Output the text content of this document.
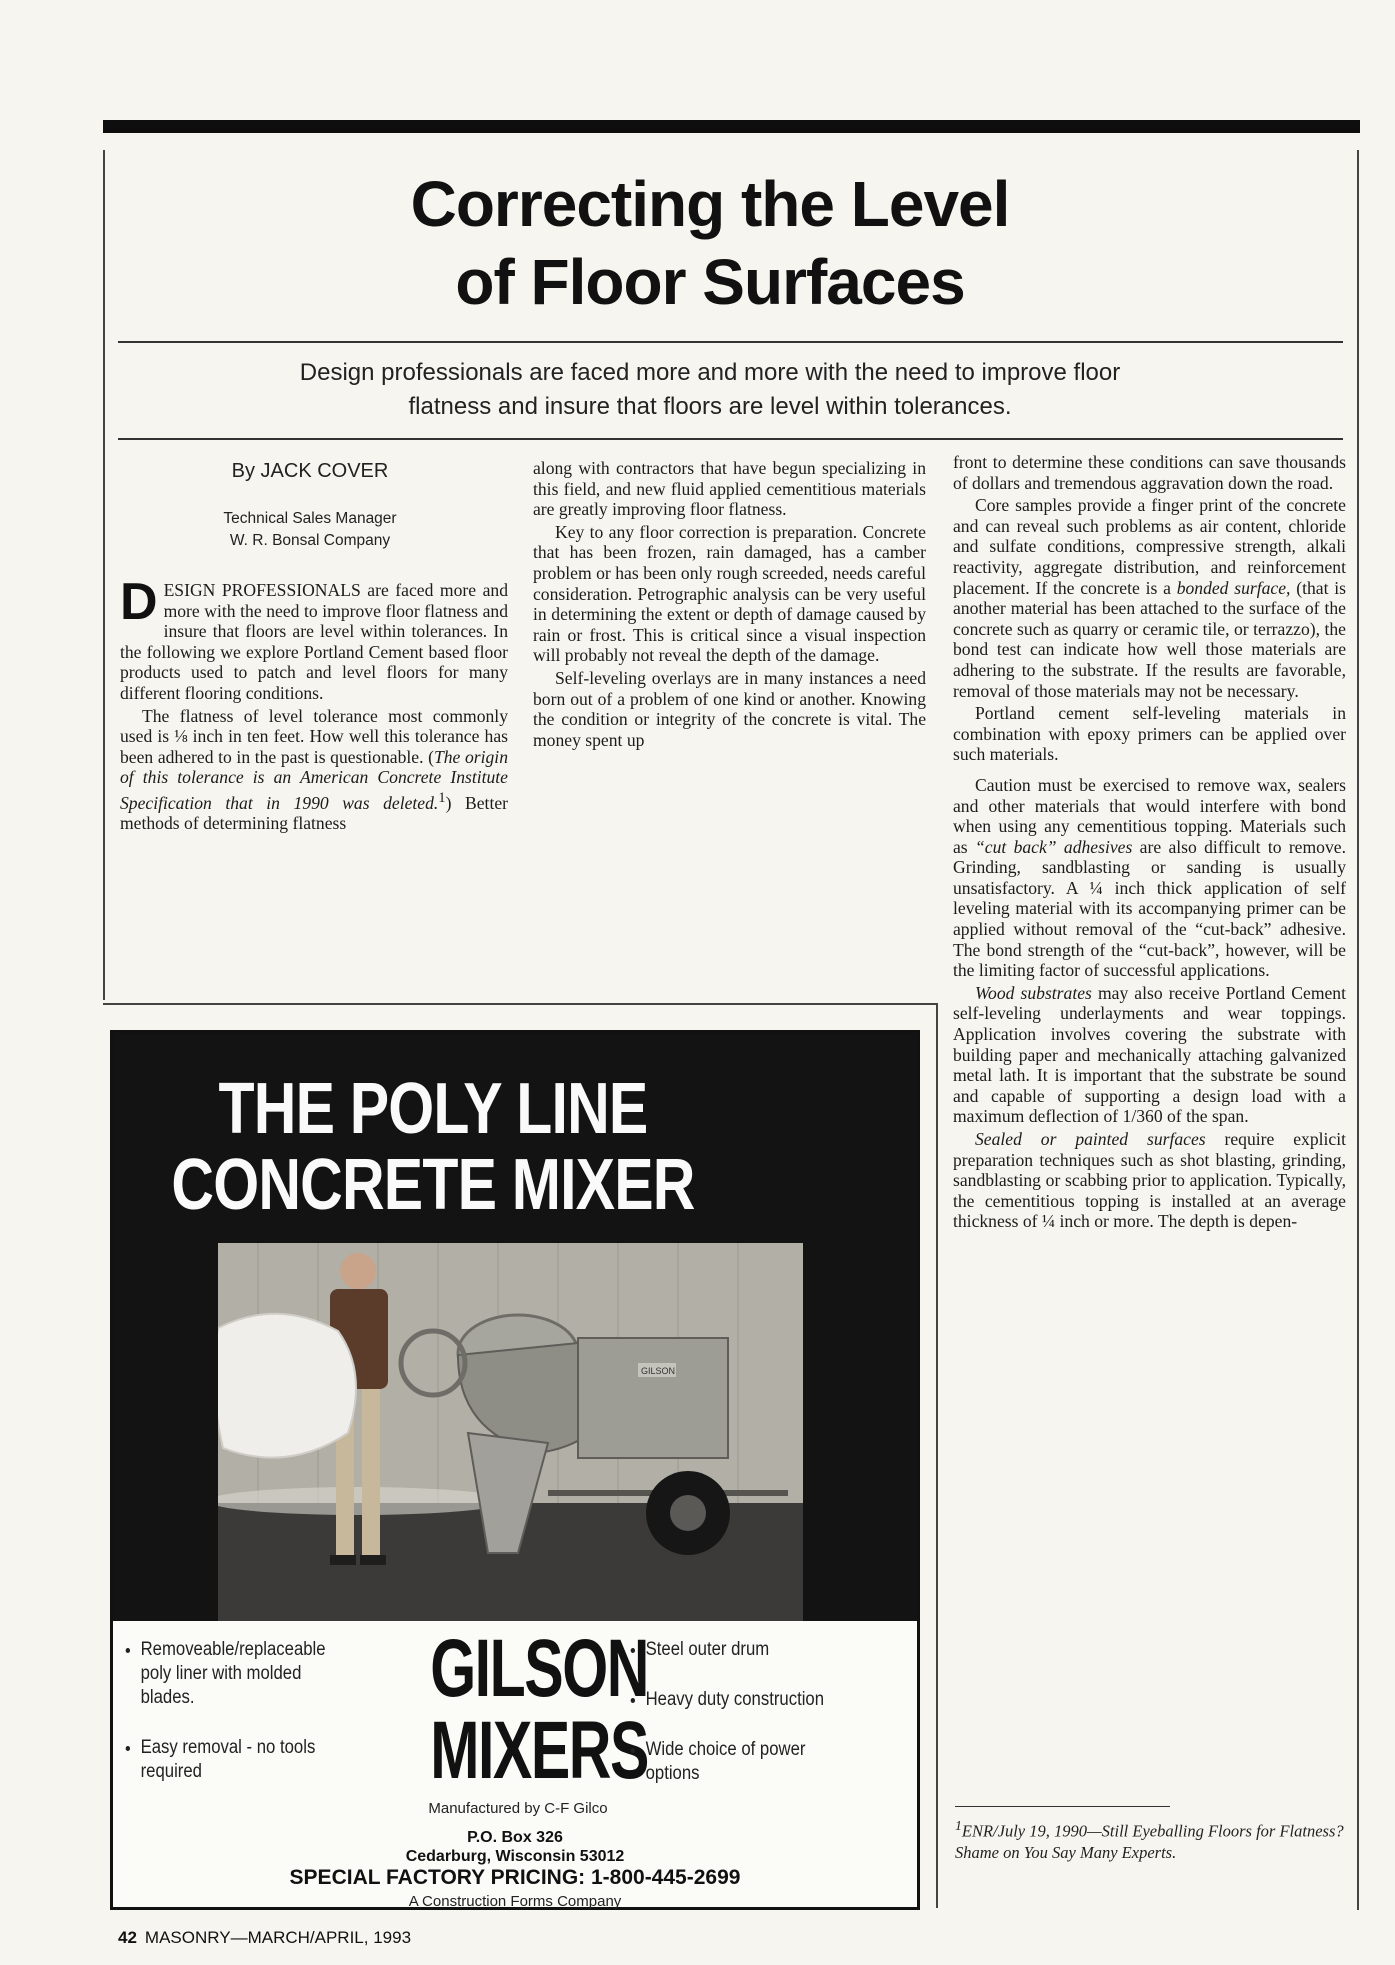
Correcting the Level
of Floor Surfaces
Design professionals are faced more and more with the need to improve floor
flatness and insure that floors are level within tolerances.
By JACK COVER
Technical Sales Manager
W. R. Bonsal Company

DESIGN PROFESSIONALS are faced more and more with the need to improve floor flatness and insure that floors are level within tolerances. In the following we explore Portland Cement based floor products used to patch and level floors for many different flooring conditions.

The flatness of level tolerance most commonly used is ⅛ inch in ten feet. How well this tolerance has been adhered to in the past is questionable. (The origin of this tolerance is an American Concrete Institute Specification that in 1990 was deleted.$^1$) Better methods of determining flatness

along with contractors that have begun specializing in this field, and new fluid applied cementitious materials are greatly improving floor flatness.

Key to any floor correction is preparation. Concrete that has been frozen, rain damaged, has a camber problem or has been only rough screeded, needs careful consideration. Petrographic analysis can be very useful in determining the extent or depth of damage caused by rain or frost. This is critical since a visual inspection will probably not reveal the depth of the damage.

Self-leveling overlays are in many instances a need born out of a problem of one kind or another. Knowing the condition or integrity of the concrete is vital. The money spent up

front to determine these conditions can save thousands of dollars and tremendous aggravation down the road.

Core samples provide a finger print of the concrete and can reveal such problems as air content, chloride and sulfate conditions, compressive strength, alkali reactivity, aggregate distribution, and reinforcement placement. If the concrete is a bonded surface, (that is another material has been attached to the surface of the concrete such as quarry or ceramic tile, or terrazzo), the bond test can indicate how well those materials are adhering to the substrate. If the results are favorable, removal of those materials may not be necessary.

Portland cement self-leveling materials in combination with epoxy primers can be applied over such materials.

Caution must be exercised to remove wax, sealers and other materials that would interfere with bond when using any cementitious topping. Materials such as “cut back” adhesives are also difficult to remove. Grinding, sandblasting or sanding is usually unsatisfactory. A ¼ inch thick application of self leveling material with its accompanying primer can be applied without removal of the “cut-back” adhesive. The bond strength of the “cut-back”, however, will be the limiting factor of successful applications.

Wood substrates may also receive Portland Cement self-leveling underlayments and wear toppings. Application involves covering the substrate with building paper and mechanically attaching galvanized metal lath. It is important that the substrate be sound and capable of supporting a design load with a maximum deflection of 1/360 of the span.

Sealed or painted surfaces require explicit preparation techniques such as shot blasting, grinding, sandblasting or scabbing prior to application. Typically, the cementitious topping is installed at an average thickness of ¼ inch or more. The depth is depen-

THE POLY LINE
CONCRETE MIXER
GILSON
• Removeable/replaceable poly liner with molded blades.
• Easy removal - no tools required
GILSON
MIXERS
• Steel outer drum
• Heavy duty construction
• Wide choice of power options
Manufactured by C-F Gilco
P.O. Box 326
Cedarburg, Wisconsin 53012
SPECIAL FACTORY PRICING: 1-800-445-2699
A Construction Forms Company
$^1$ENR/July 19, 1990—Still Eyeballing Floors for Flatness? Shame on You Say Many Experts.
42 MASONRY—MARCH/APRIL, 1993
